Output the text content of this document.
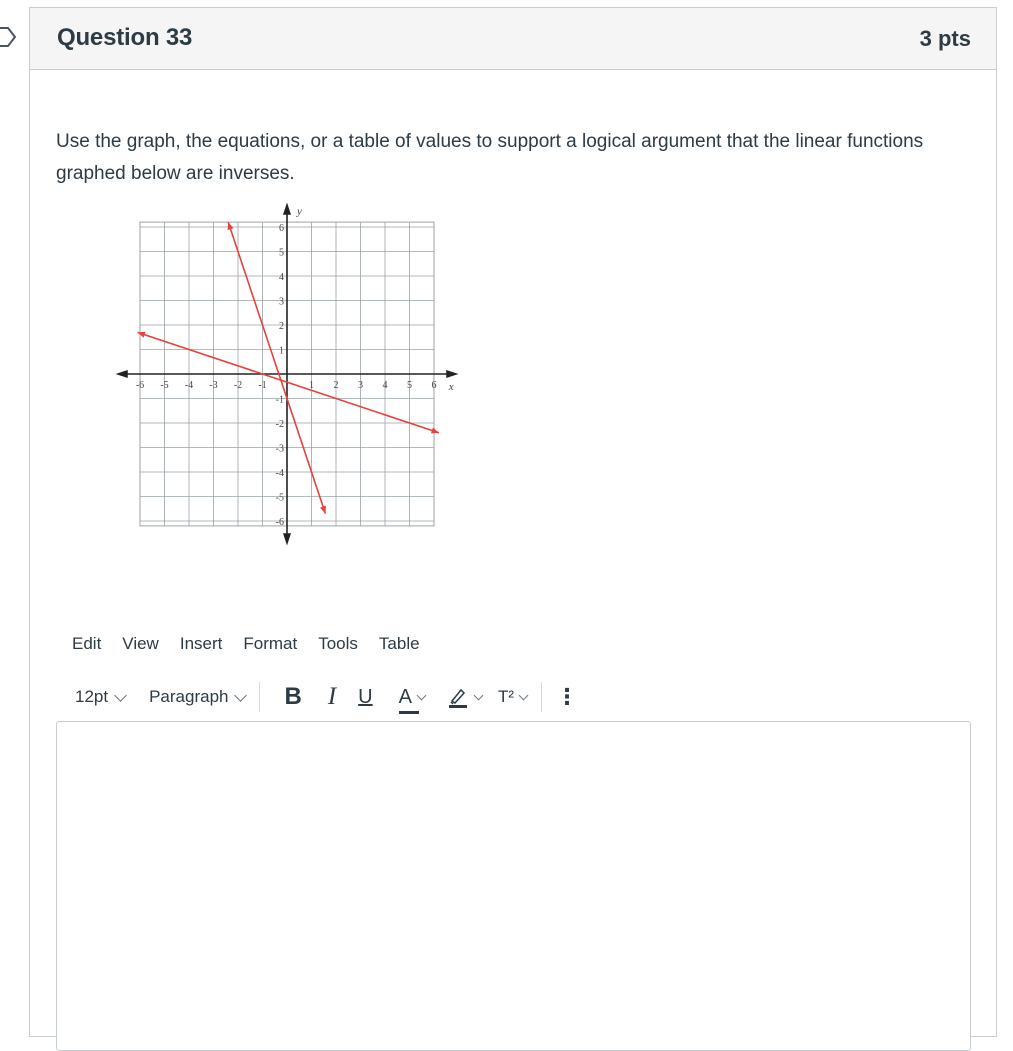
Question 33	3 pts
Use the graph, the equations, or a table of values to support a logical argument that the linear functions graphed below are inverses.
-6 -5 -4 -3 -2 -1	1 2 3 4 5 6
6
5
4
3
2
1
-1
-2
-3
-4
-5
-6
x
y
Edit View Insert Format Tools Table
12pt Paragraph B I U A	T² ⋮
